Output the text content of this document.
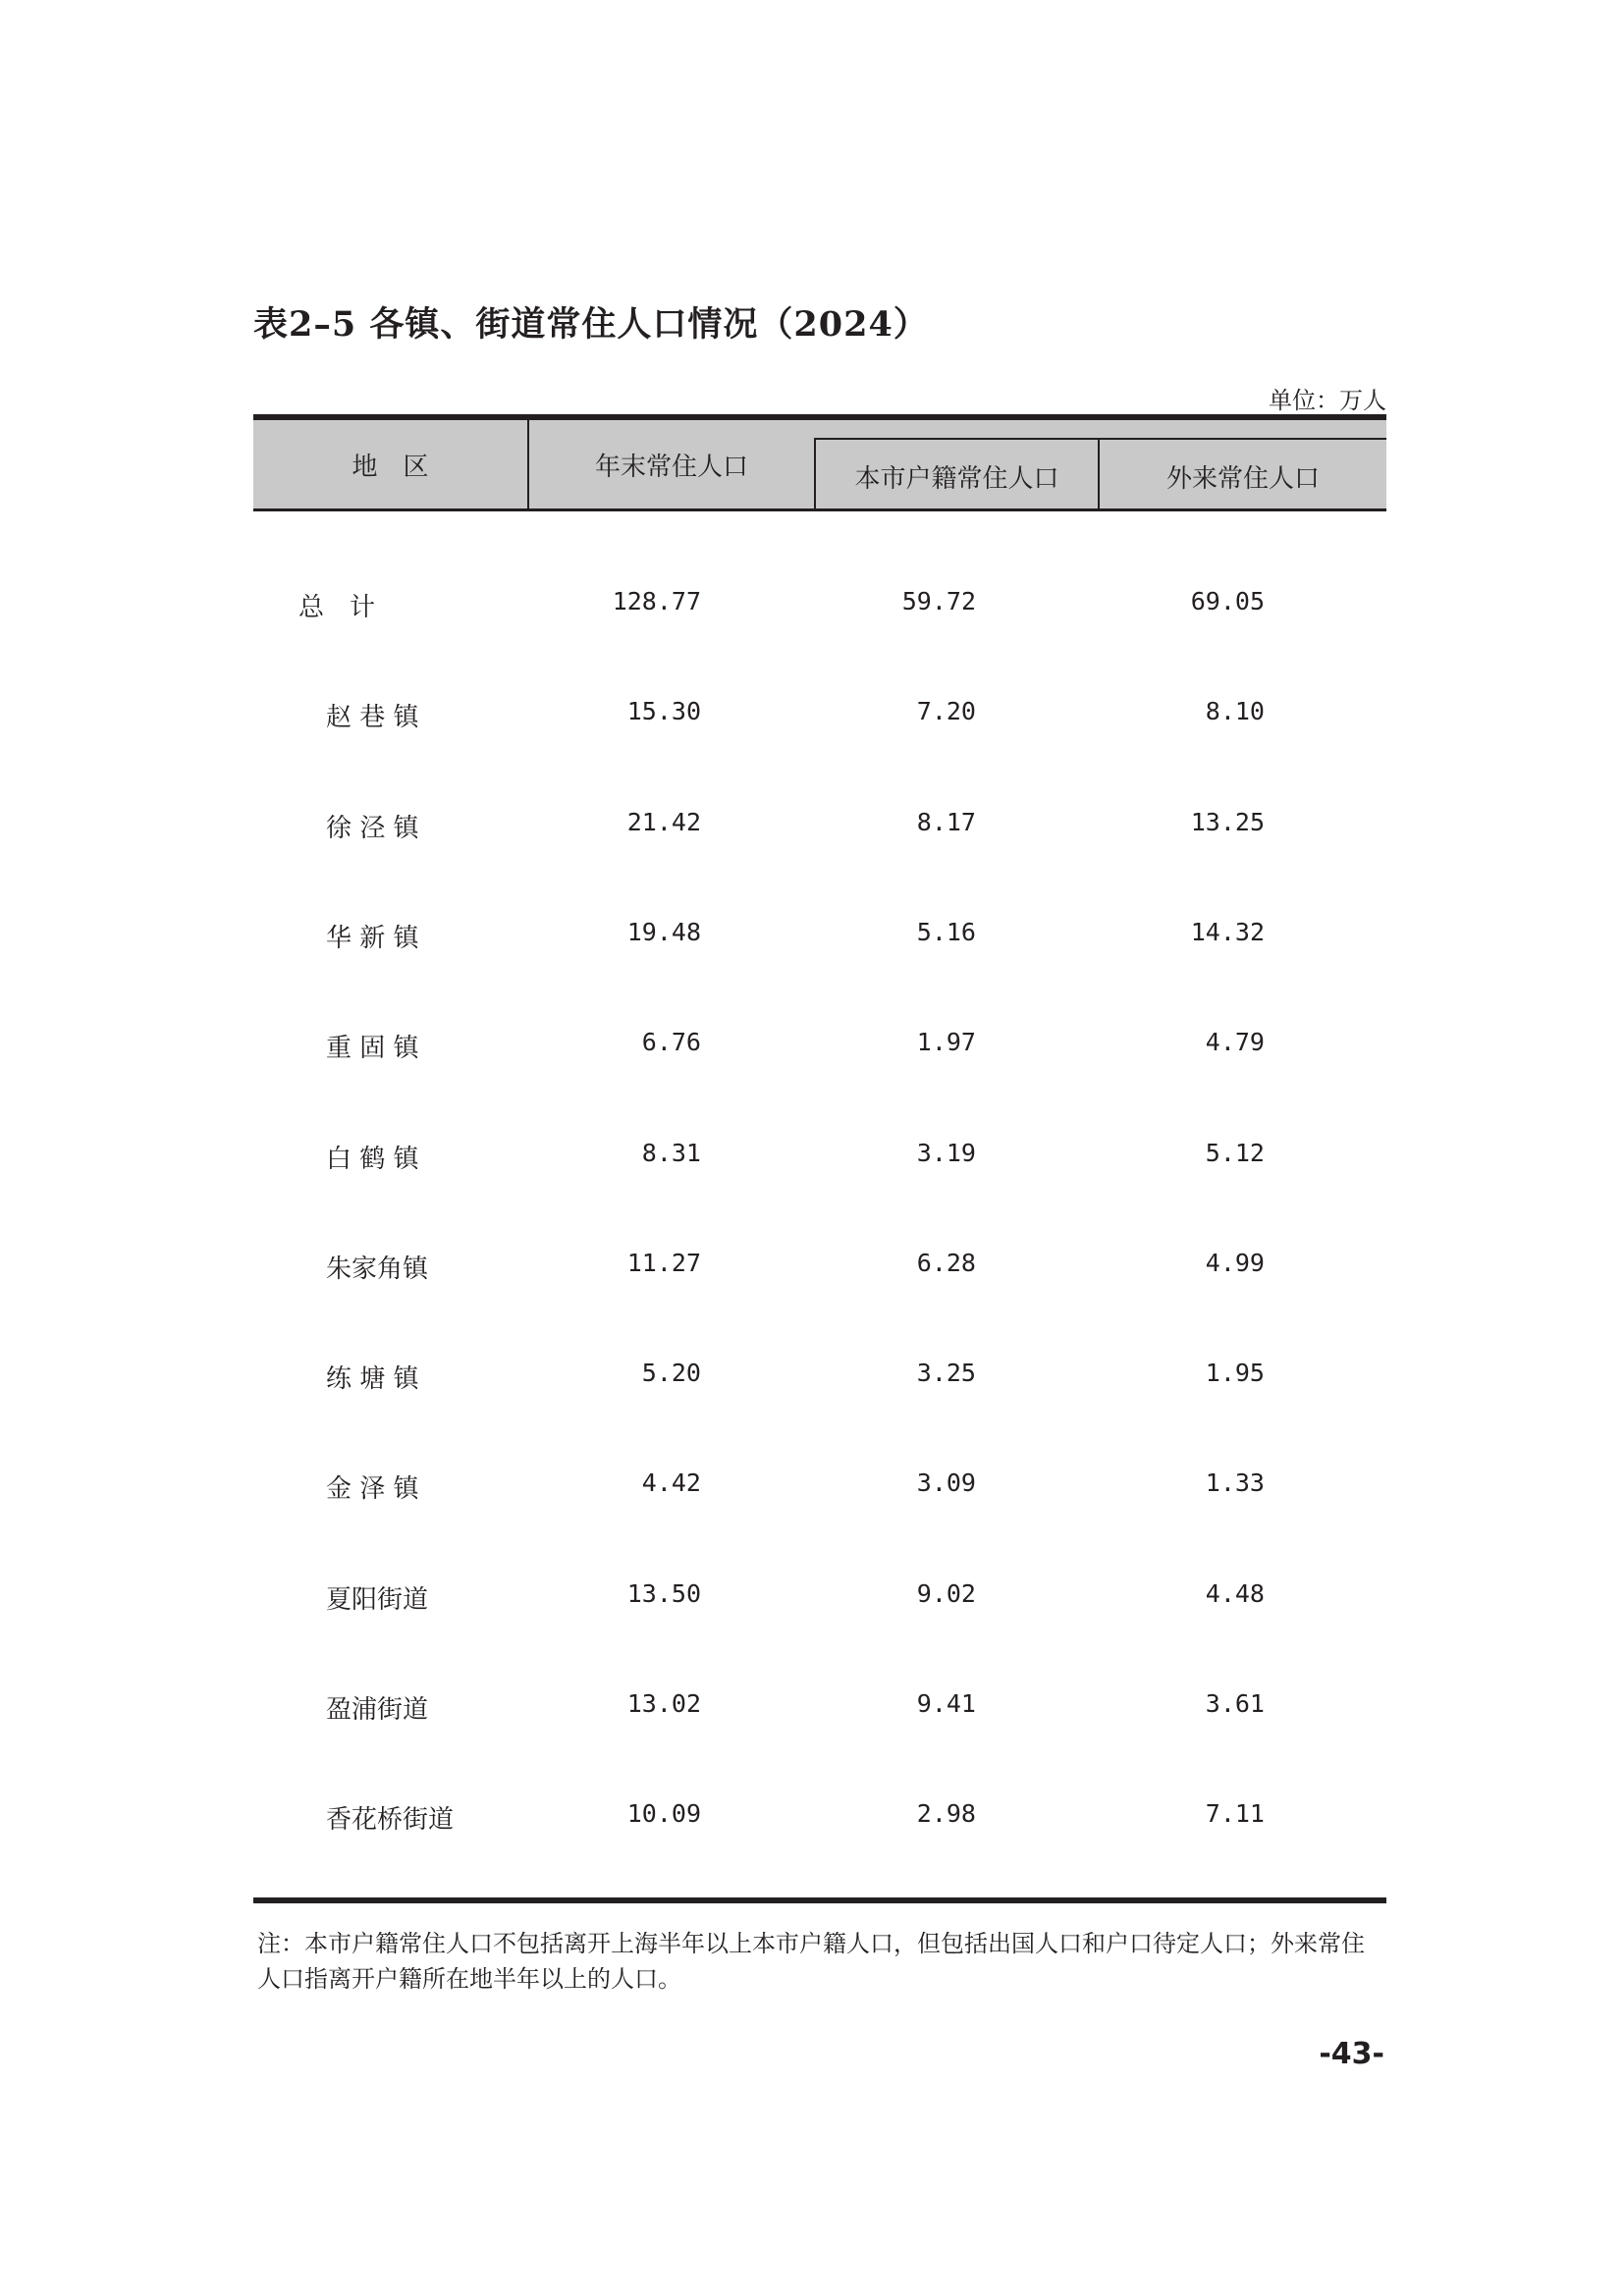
表2–5 各镇、街道常住人口情况（2024）
单位：万人
地　区	年末常住人口	本市户籍常住人口	外来常住人口
总　计	128.77	59.72	69.05
赵 巷 镇	15.30	7.20	8.10
徐 泾 镇	21.42	8.17	13.25
华 新 镇	19.48	5.16	14.32
重 固 镇	6.76	1.97	4.79
白 鹤 镇	8.31	3.19	5.12
朱家角镇	11.27	6.28	4.99
练 塘 镇	5.20	3.25	1.95
金 泽 镇	4.42	3.09	1.33
夏阳街道	13.50	9.02	4.48
盈浦街道	13.02	9.41	3.61
香花桥街道	10.09	2.98	7.11
注：本市户籍常住人口不包括离开上海半年以上本市户籍人口，但包括出国人口和户口待定人口；外来常住人口指离开户籍所在地半年以上的人口。
-43-
